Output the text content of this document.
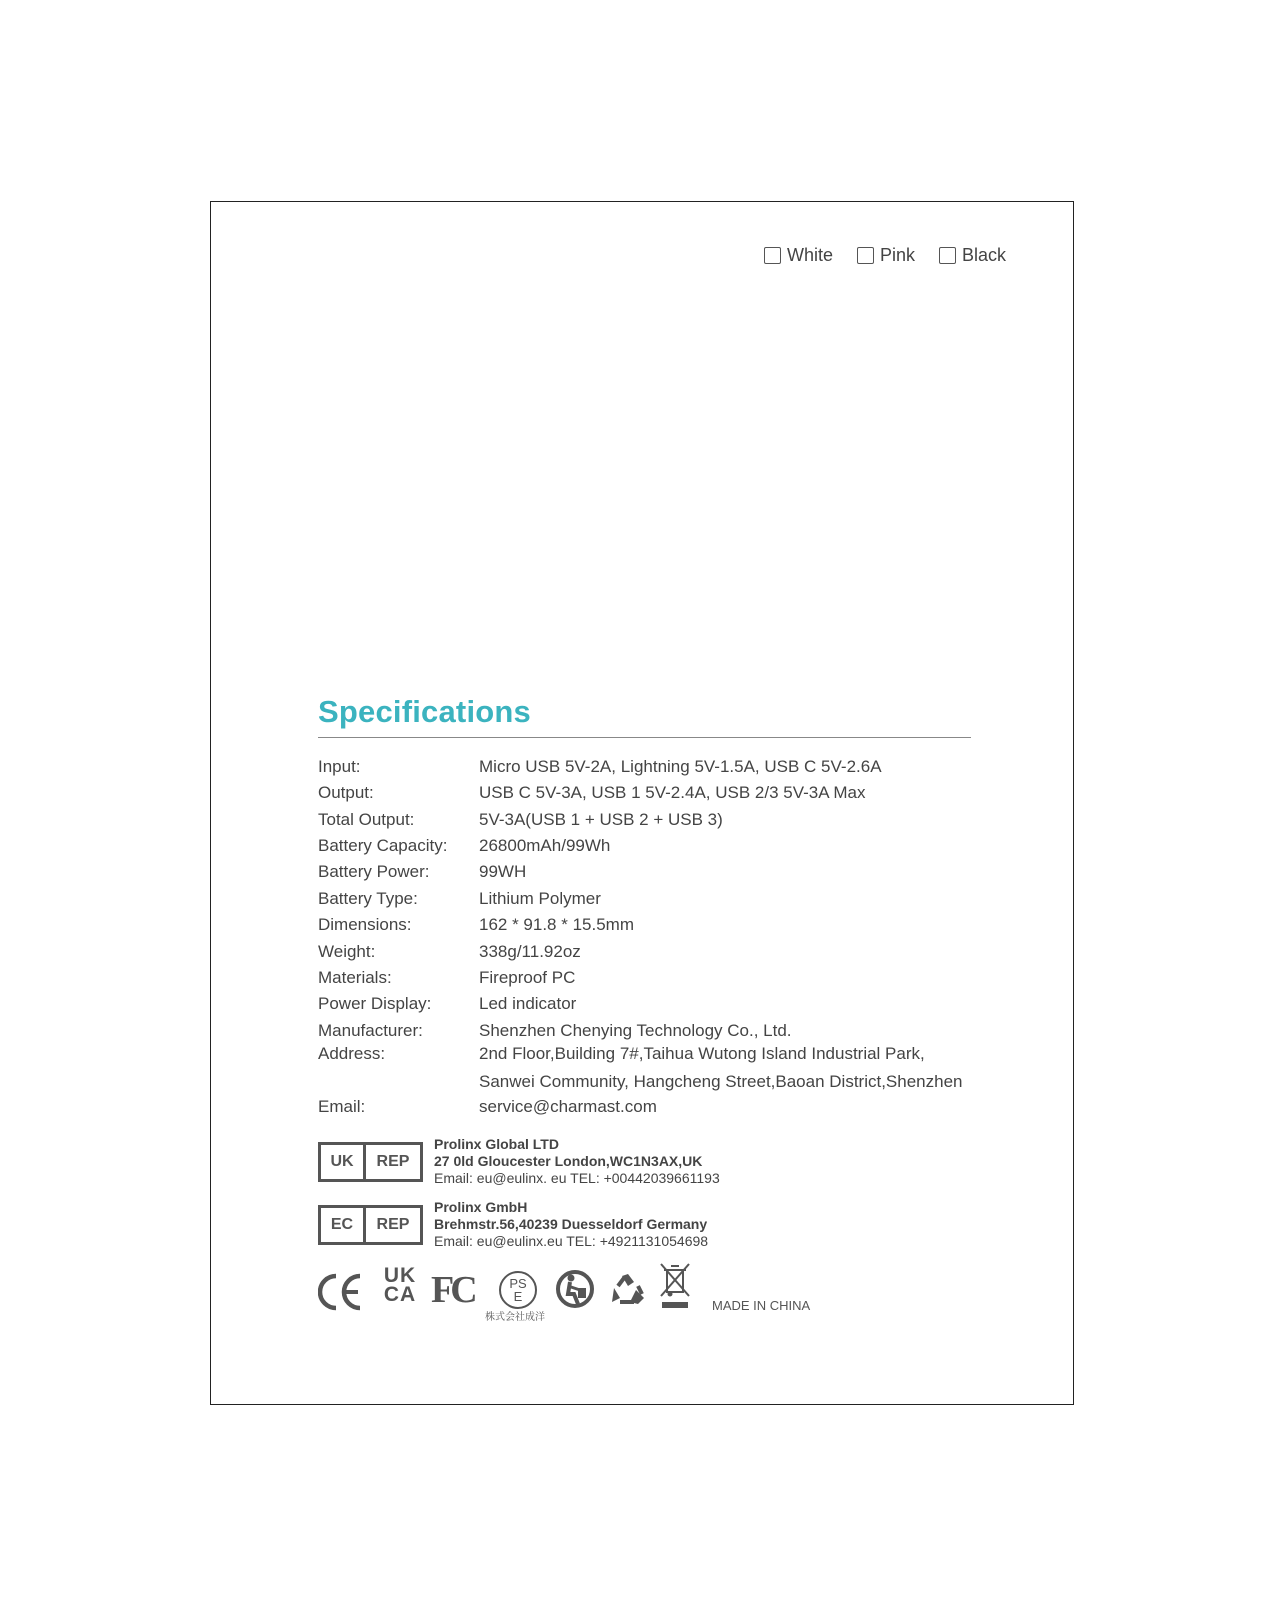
White	Pink	Black
Specifications
Input:	Micro USB 5V-2A, Lightning 5V-1.5A, USB C 5V-2.6A
Output:	USB C 5V-3A, USB 1 5V-2.4A, USB 2/3 5V-3A Max
Total Output:	5V-3A(USB 1 + USB 2 + USB 3)
Battery Capacity: 26800mAh/99Wh
Battery Power:	99WH
Battery Type:	Lithium Polymer
Dimensions:	162 * 91.8 * 15.5mm
Weight:	338g/11.92oz
Materials:	Fireproof PC
Power Display:	Led indicator
Manufacturer:	Shenzhen Chenying Technology Co., Ltd.
Address:	2nd Floor,Building 7#,Taihua Wutong Island Industrial Park,
Sanwei Community, Hangcheng Street,Baoan District,Shenzhen
Email:	service@charmast.com
UK	REP
Prolinx Global LTD
27 0ld Gloucester London,WC1N3AX,UK
Email: eu@eulinx. eu TEL: +00442039661193
EC	REP
Prolinx GmbH
Brehmstr.56,40239 Duesseldorf Germany
Email: eu@eulinx.eu TEL: +4921131054698
UK
CA FC	PS
E
株式会社成洋
MADE IN CHINA
